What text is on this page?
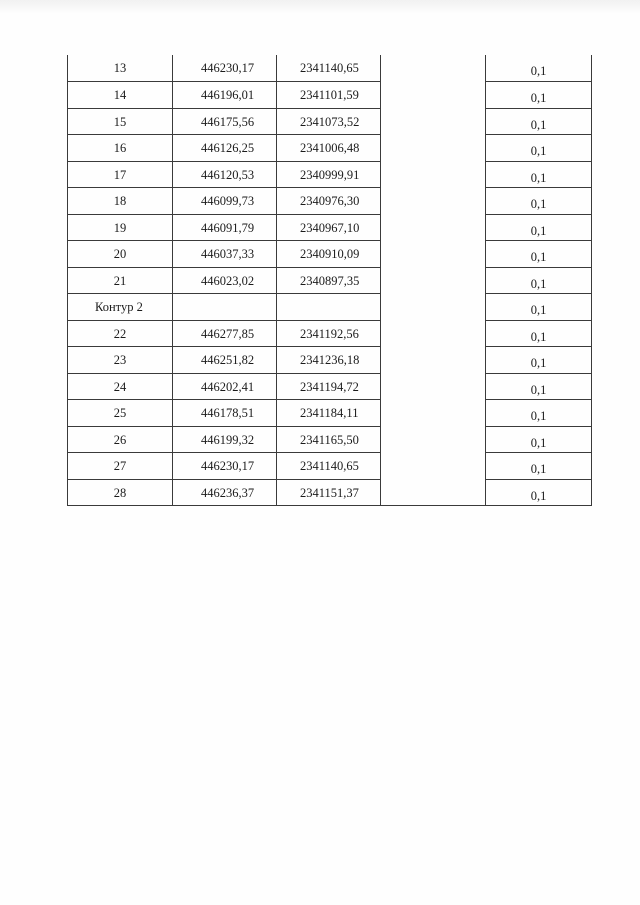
13	446230,17	2341140,65		0,1
14	446196,01	2341101,59		0,1
15	446175,56	2341073,52		0,1
16	446126,25	2341006,48		0,1
17	446120,53	2340999,91		0,1
18	446099,73	2340976,30		0,1
19	446091,79	2340967,10		0,1
20	446037,33	2340910,09		0,1
21	446023,02	2340897,35		0,1
Контур 2				0,1
22	446277,85	2341192,56		0,1
23	446251,82	2341236,18		0,1
24	446202,41	2341194,72		0,1
25	446178,51	2341184,11		0,1
26	446199,32	2341165,50		0,1
27	446230,17	2341140,65		0,1
28	446236,37	2341151,37		0,1
